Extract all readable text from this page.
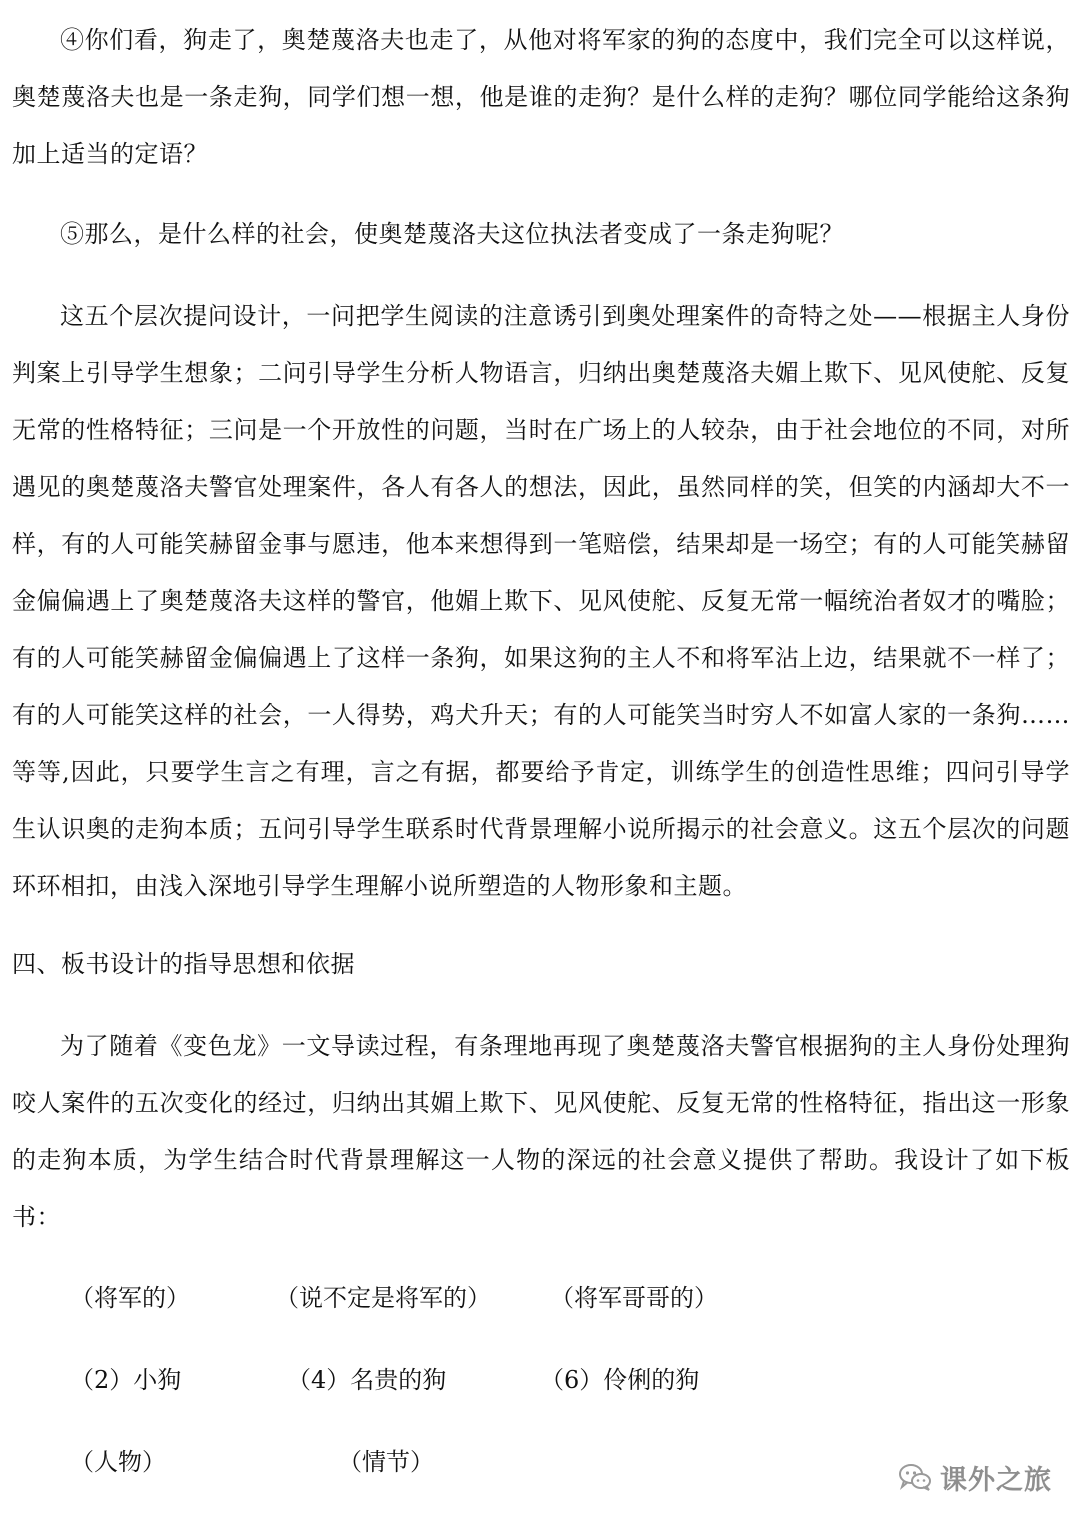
④你们看，狗走了，奥楚蔑洛夫也走了，从他对将军家的狗的态度中，我们完全可以这样说，奥楚蔑洛夫也是一条走狗，同学们想一想，他是谁的走狗？是什么样的走狗？哪位同学能给这条狗加上适当的定语？

⑤那么，是什么样的社会，使奥楚蔑洛夫这位执法者变成了一条走狗呢？

这五个层次提问设计，一问把学生阅读的注意诱引到奥处理案件的奇特之处——根据主人身份判案上引导学生想象；二问引导学生分析人物语言，归纳出奥楚蔑洛夫媚上欺下、见风使舵、反复无常的性格特征；三问是一个开放性的问题，当时在广场上的人较杂，由于社会地位的不同，对所遇见的奥楚蔑洛夫警官处理案件，各人有各人的想法，因此，虽然同样的笑，但笑的内涵却大不一样，有的人可能笑赫留金事与愿违，他本来想得到一笔赔偿，结果却是一场空；有的人可能笑赫留金偏偏遇上了奥楚蔑洛夫这样的警官，他媚上欺下、见风使舵、反复无常一幅统治者奴才的嘴脸；有的人可能笑赫留金偏偏遇上了这样一条狗，如果这狗的主人不和将军沾上边，结果就不一样了；有的人可能笑这样的社会，一人得势，鸡犬升天；有的人可能笑当时穷人不如富人家的一条狗……等等,因此，只要学生言之有理，言之有据，都要给予肯定，训练学生的创造性思维；四问引导学生认识奥的走狗本质；五问引导学生联系时代背景理解小说所揭示的社会意义。这五个层次的问题环环相扣，由浅入深地引导学生理解小说所塑造的人物形象和主题。

四、板书设计的指导思想和依据

为了随着《变色龙》一文导读过程，有条理地再现了奥楚蔑洛夫警官根据狗的主人身份处理狗咬人案件的五次变化的经过，归纳出其媚上欺下、见风使舵、反复无常的性格特征，指出这一形象的走狗本质，为学生结合时代背景理解这一人物的深远的社会意义提供了帮助。我设计了如下板书：

（将军的）	（说不定是将军的） （将军哥哥的）
（2）小狗	（4）名贵的狗	（6）伶俐的狗
（人物）	（情节）
课外之旅
